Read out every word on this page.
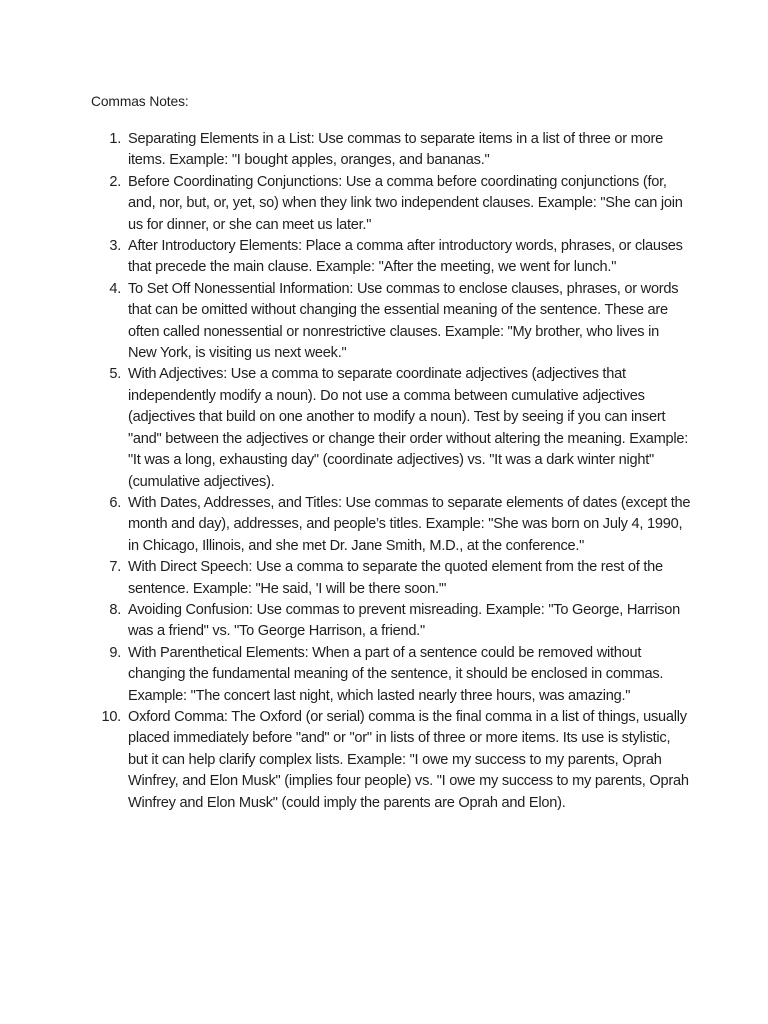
Commas Notes:
1. Separating Elements in a List: Use commas to separate items in a list of three or more items. Example: "I bought apples, oranges, and bananas."
2. Before Coordinating Conjunctions: Use a comma before coordinating conjunctions (for, and, nor, but, or, yet, so) when they link two independent clauses. Example: "She can join us for dinner, or she can meet us later."
3. After Introductory Elements: Place a comma after introductory words, phrases, or clauses that precede the main clause. Example: "After the meeting, we went for lunch."
4. To Set Off Nonessential Information: Use commas to enclose clauses, phrases, or words that can be omitted without changing the essential meaning of the sentence. These are often called nonessential or nonrestrictive clauses. Example: "My brother, who lives in New York, is visiting us next week."
5. With Adjectives: Use a comma to separate coordinate adjectives (adjectives that independently modify a noun). Do not use a comma between cumulative adjectives (adjectives that build on one another to modify a noun). Test by seeing if you can insert "and" between the adjectives or change their order without altering the meaning. Example: "It was a long, exhausting day" (coordinate adjectives) vs. "It was a dark winter night" (cumulative adjectives).
6. With Dates, Addresses, and Titles: Use commas to separate elements of dates (except the month and day), addresses, and people’s titles. Example: "She was born on July 4, 1990, in Chicago, Illinois, and she met Dr. Jane Smith, M.D., at the conference."
7. With Direct Speech: Use a comma to separate the quoted element from the rest of the sentence. Example: "He said, 'I will be there soon.'"
8. Avoiding Confusion: Use commas to prevent misreading. Example: "To George, Harrison was a friend" vs. "To George Harrison, a friend."
9. With Parenthetical Elements: When a part of a sentence could be removed without changing the fundamental meaning of the sentence, it should be enclosed in commas. Example: "The concert last night, which lasted nearly three hours, was amazing."
10. Oxford Comma: The Oxford (or serial) comma is the final comma in a list of things, usually placed immediately before "and" or "or" in lists of three or more items. Its use is stylistic, but it can help clarify complex lists. Example: "I owe my success to my parents, Oprah Winfrey, and Elon Musk" (implies four people) vs. "I owe my success to my parents, Oprah Winfrey and Elon Musk" (could imply the parents are Oprah and Elon).
